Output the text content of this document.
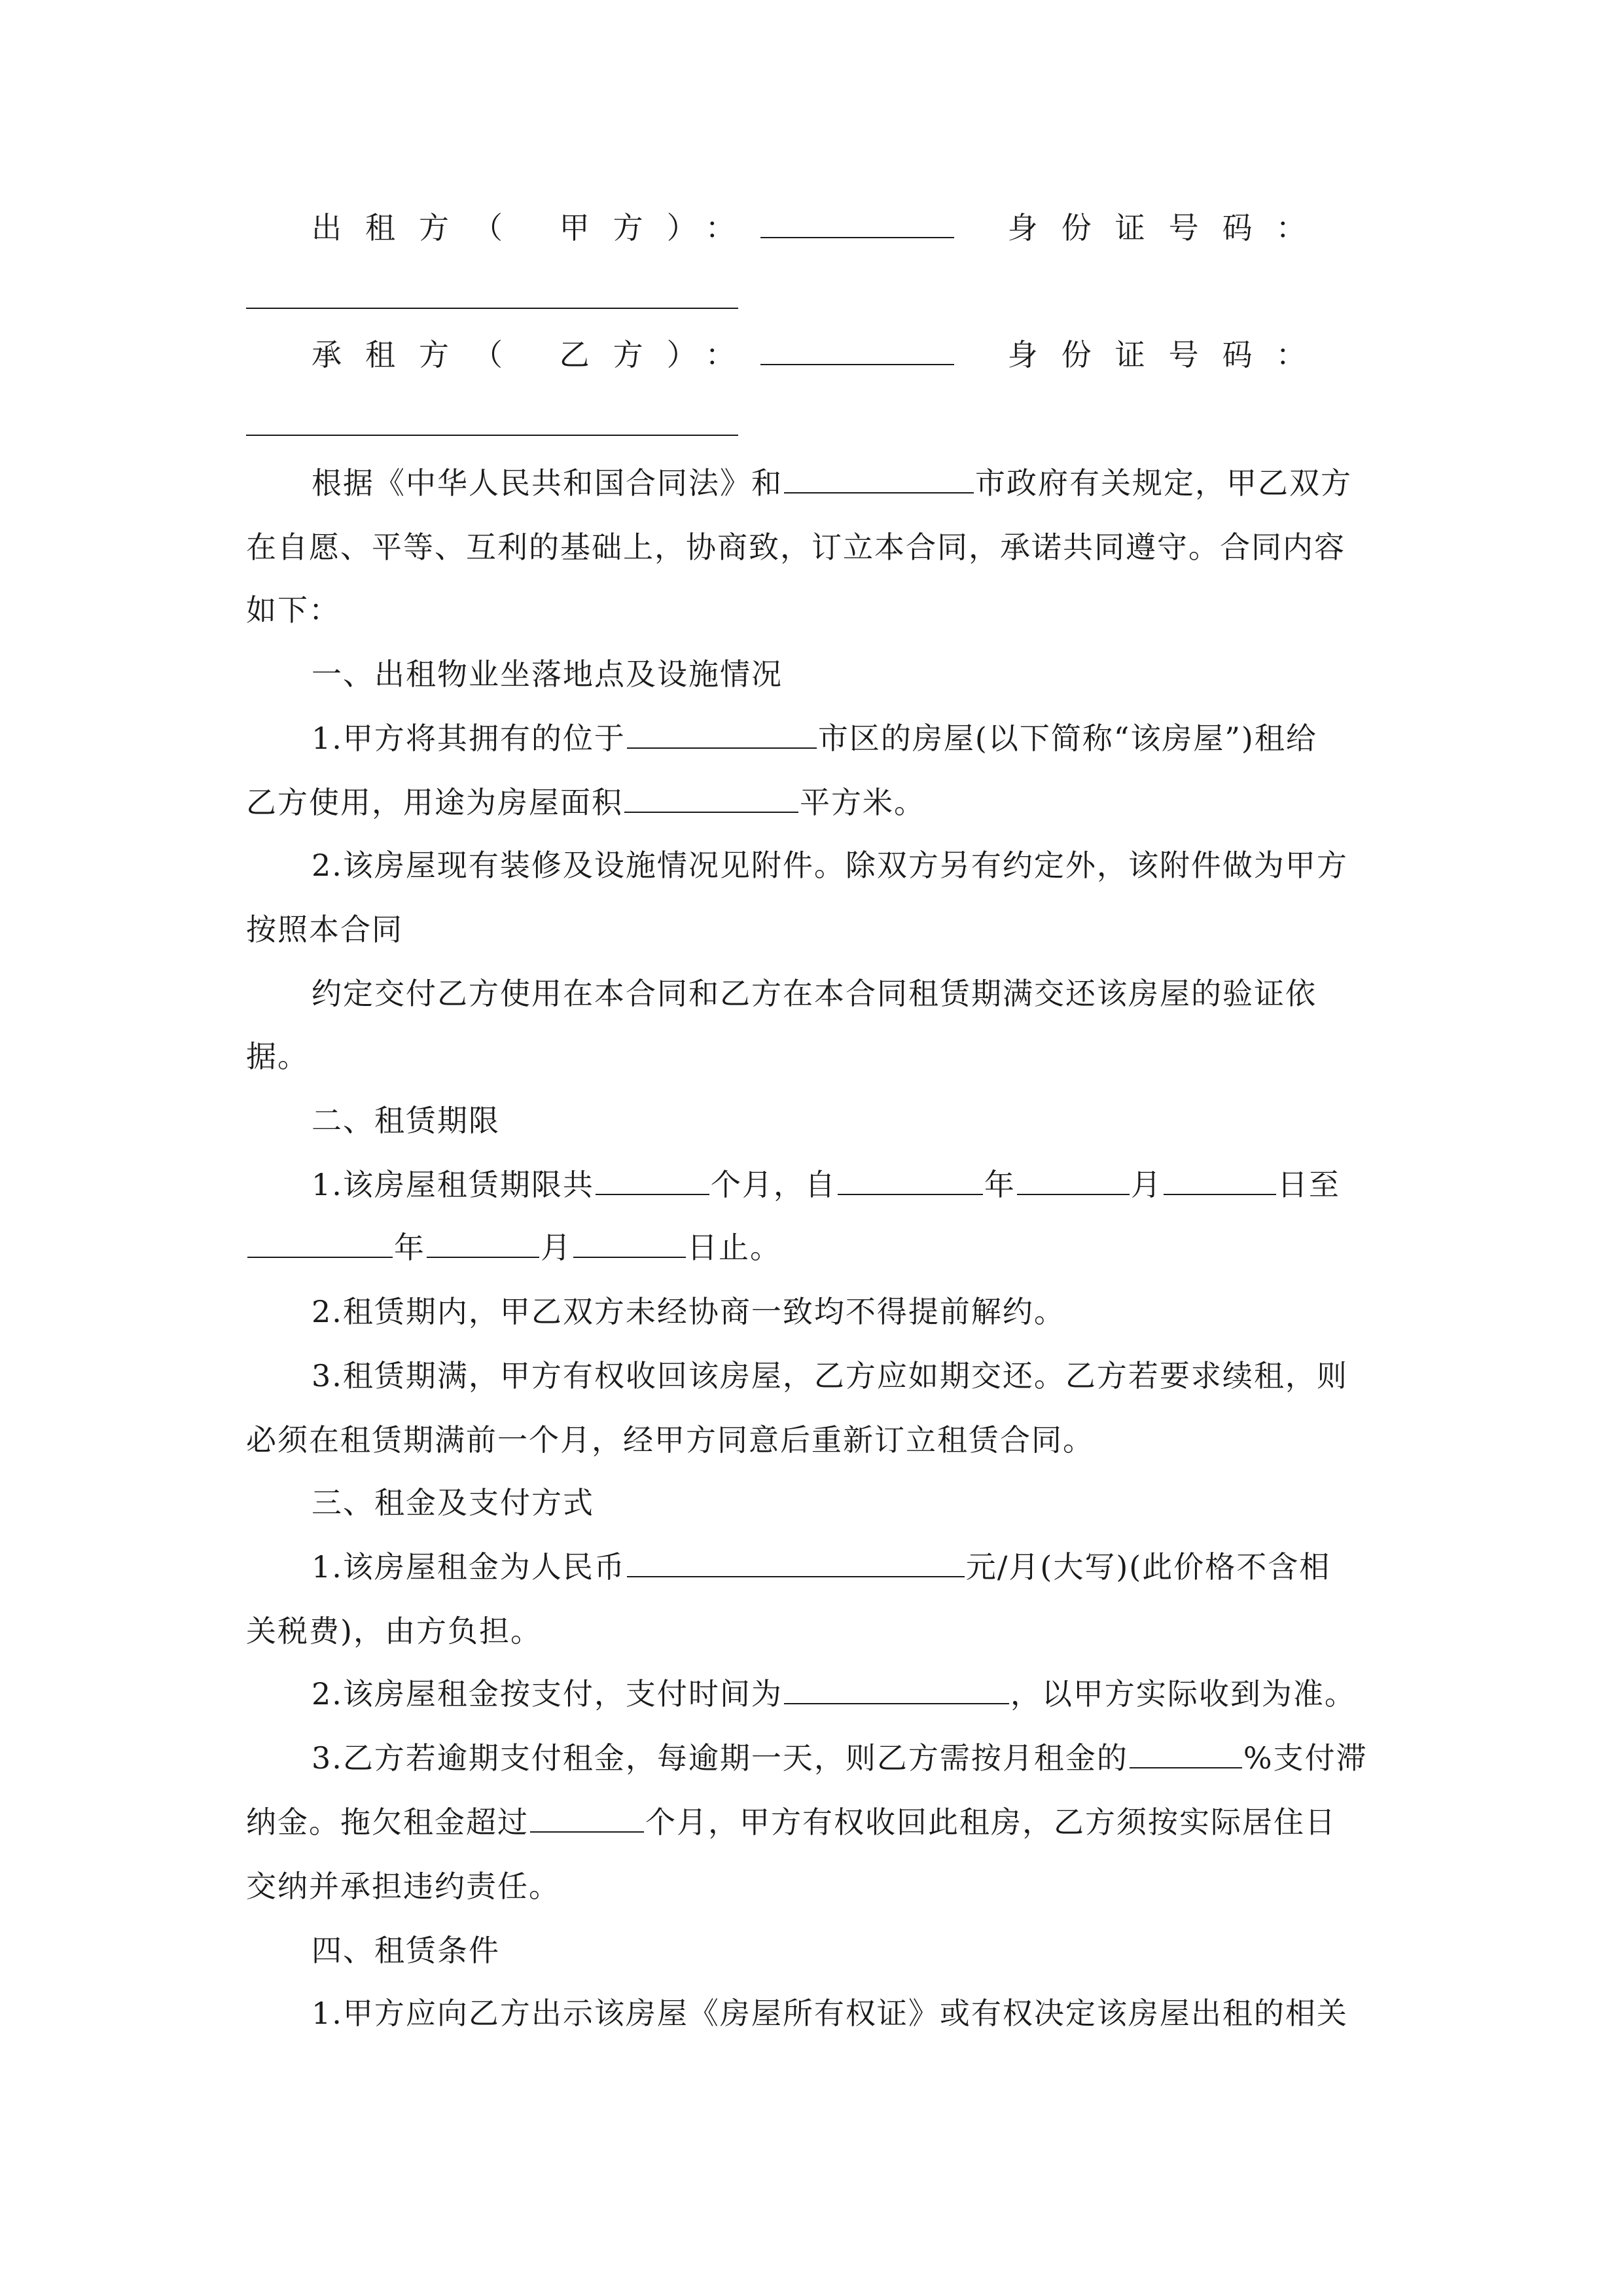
出租方（ 甲方）：	身份证号码：
承租方（ 乙方）：	身份证号码：
根据《中华人民共和国合同法》和	市政府有关规定，甲乙双方
在自愿、平等、互利的基础上，协商致，订立本合同，承诺共同遵守。合同内容
如下：
一、出租物业坐落地点及设施情况
1.甲方将其拥有的位于	市区的房屋(以下简称“该房屋”)租给
乙方使用，用途为房屋面积	平方米。
2.该房屋现有装修及设施情况见附件。除双方另有约定外，该附件做为甲方
按照本合同
约定交付乙方使用在本合同和乙方在本合同租赁期满交还该房屋的验证依
据。
二、租赁期限
1.该房屋租赁期限共	个月，自	年	月	日至
年	月	日止。
2.租赁期内，甲乙双方未经协商一致均不得提前解约。
3.租赁期满，甲方有权收回该房屋，乙方应如期交还。乙方若要求续租，则
必须在租赁期满前一个月，经甲方同意后重新订立租赁合同。
三、租金及支付方式
1.该房屋租金为人民币	元/月(大写)(此价格不含相
关税费)，由方负担。
2.该房屋租金按支付，支付时间为	，以甲方实际收到为准。
3.乙方若逾期支付租金，每逾期一天，则乙方需按月租金的	%支付滞
纳金。拖欠租金超过	个月，甲方有权收回此租房，乙方须按实际居住日
交纳并承担违约责任。
四、租赁条件
1.甲方应向乙方出示该房屋《房屋所有权证》或有权决定该房屋出租的相关
